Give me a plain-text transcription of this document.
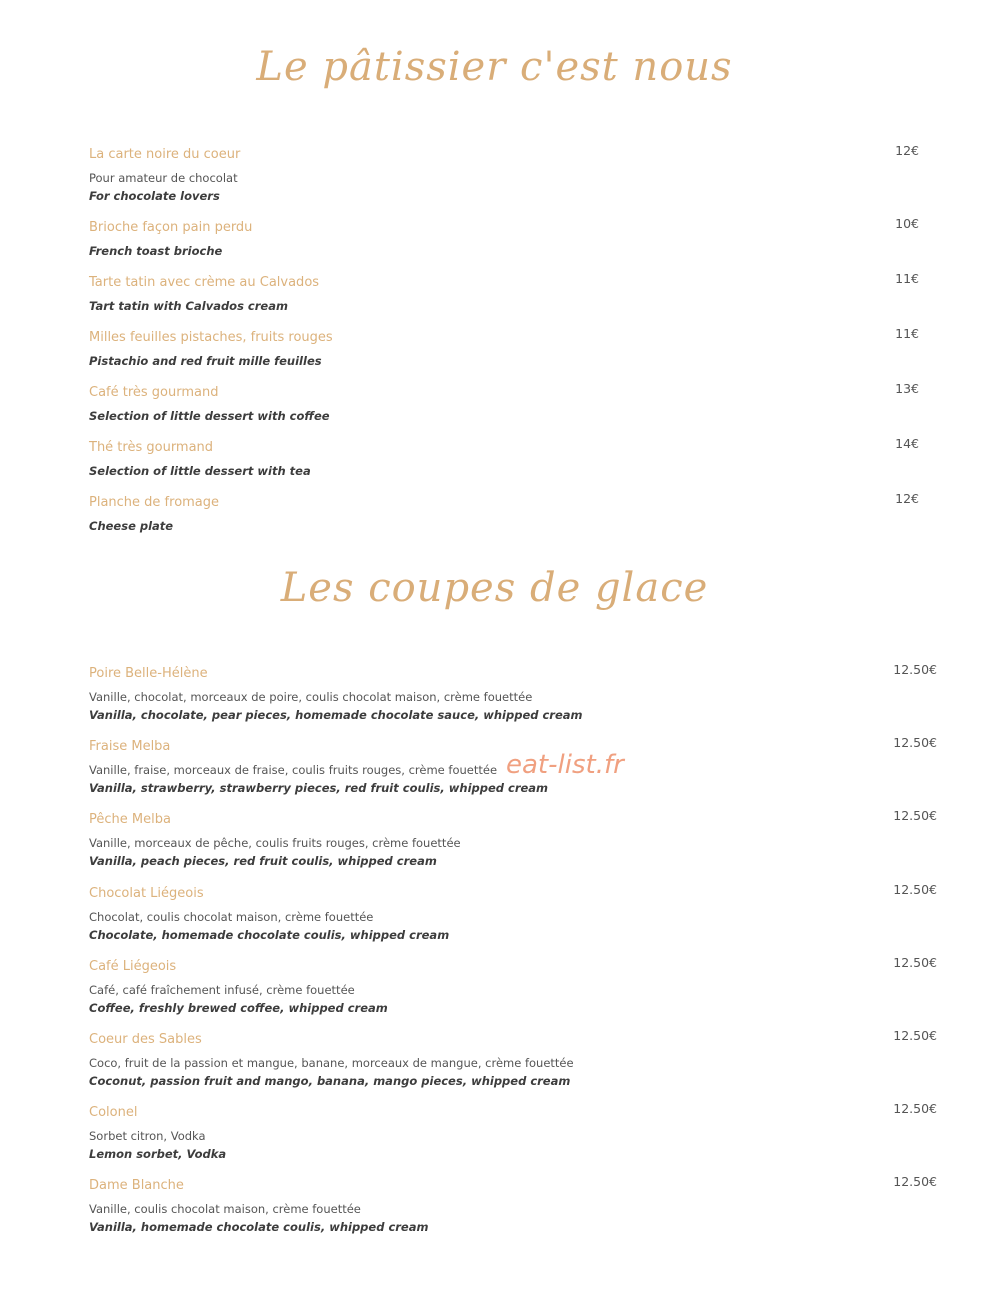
Le pâtissier c'est nous
La carte noire du coeur
Pour amateur de chocolat
For chocolate lovers
12€
Brioche façon pain perdu
French toast brioche
10€
Tarte tatin avec crème au Calvados
Tart tatin with Calvados cream
11€
Milles feuilles pistaches, fruits rouges
Pistachio and red fruit mille feuilles
11€
Café très gourmand
Selection of little dessert with coffee
13€
Thé très gourmand
Selection of little dessert with tea
14€
Planche de fromage
Cheese plate
12€
Les coupes de glace
Poire Belle-Hélène
Vanille, chocolat, morceaux de poire, coulis chocolat maison, crème fouettée
Vanilla, chocolate, pear pieces, homemade chocolate sauce, whipped cream
12.50€
Fraise Melba
Vanille, fraise, morceaux de fraise, coulis fruits rouges, crème fouettée
Vanilla, strawberry, strawberry pieces, red fruit coulis, whipped cream
12.50€
Pêche Melba
Vanille, morceaux de pêche, coulis fruits rouges, crème fouettée
Vanilla, peach pieces, red fruit coulis, whipped cream
12.50€
Chocolat Liégeois
Chocolat, coulis chocolat maison, crème fouettée
Chocolate, homemade chocolate coulis, whipped cream
12.50€
Café Liégeois
Café, café fraîchement infusé, crème fouettée
Coffee, freshly brewed coffee, whipped cream
12.50€
Coeur des Sables
Coco, fruit de la passion et mangue, banane, morceaux de mangue, crème fouettée
Coconut, passion fruit and mango, banana, mango pieces, whipped cream
12.50€
Colonel
Sorbet citron, Vodka
Lemon sorbet, Vodka
12.50€
Dame Blanche
Vanille, coulis chocolat maison, crème fouettée
Vanilla, homemade chocolate coulis, whipped cream
12.50€
eat-list.fr
